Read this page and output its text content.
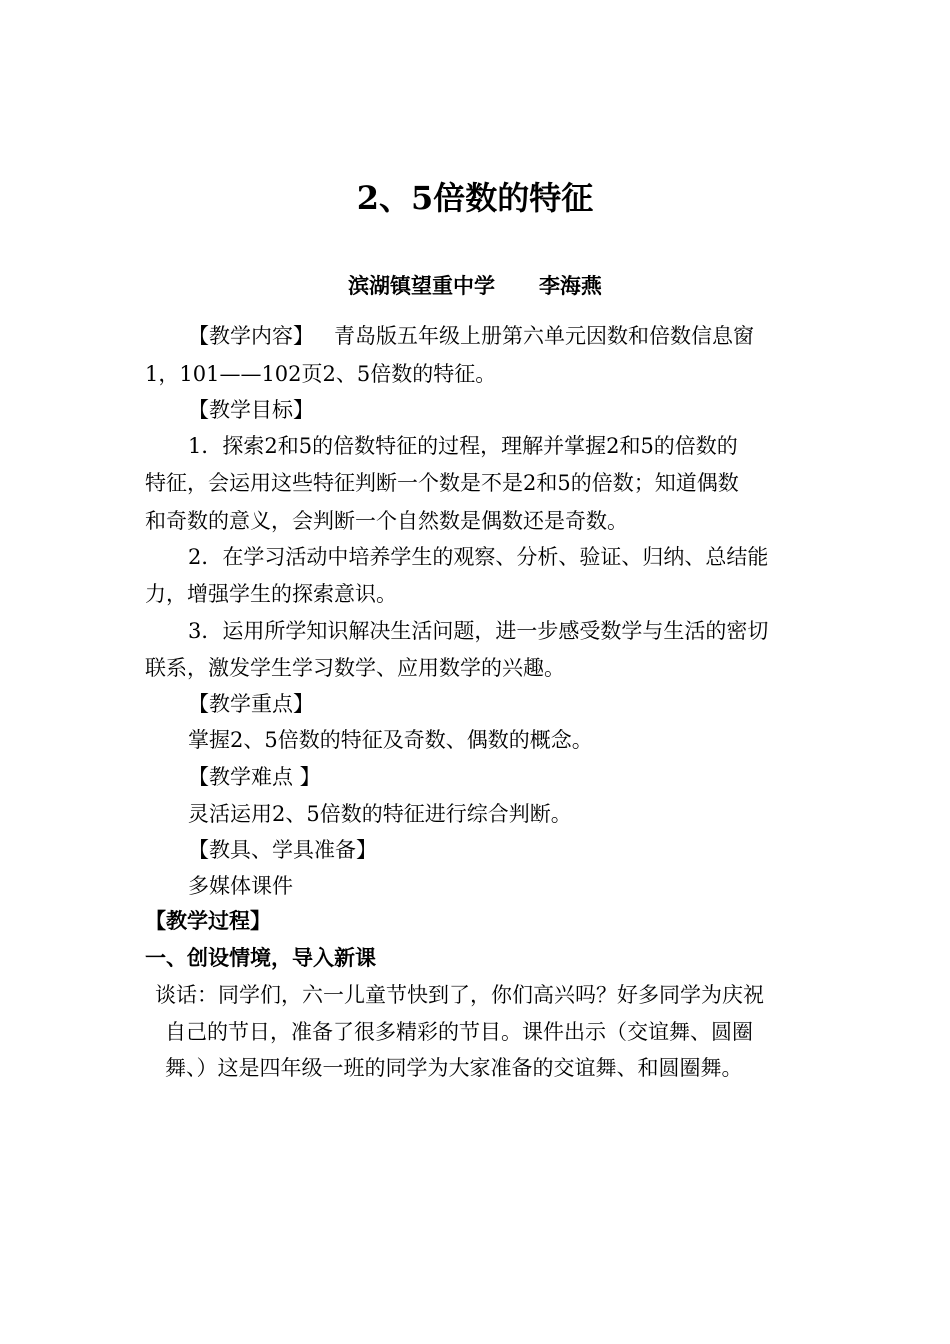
2、5倍数的特征
滨湖镇望重中学 李海燕
【教学内容】 青岛版五年级上册第六单元因数和倍数信息窗
1，101——102页2、5倍数的特征。
【教学目标】
1．探索2和5的倍数特征的过程，理解并掌握2和5的倍数的
特征，会运用这些特征判断一个数是不是2和5的倍数；知道偶数
和奇数的意义，会判断一个自然数是偶数还是奇数。
2．在学习活动中培养学生的观察、分析、验证、归纳、总结能
力，增强学生的探索意识。
3．运用所学知识解决生活问题，进一步感受数学与生活的密切
联系，激发学生学习数学、应用数学的兴趣。
【教学重点】
掌握2、5倍数的特征及奇数、偶数的概念。
【教学难点 】
灵活运用2、5倍数的特征进行综合判断。
【教具、学具准备】
多媒体课件
【教学过程】
一、创设情境，导入新课
谈话：同学们，六一儿童节快到了，你们高兴吗？好多同学为庆祝
自己的节日，准备了很多精彩的节目。课件出示（交谊舞、圆圈
舞、）这是四年级一班的同学为大家准备的交谊舞、和圆圈舞。
